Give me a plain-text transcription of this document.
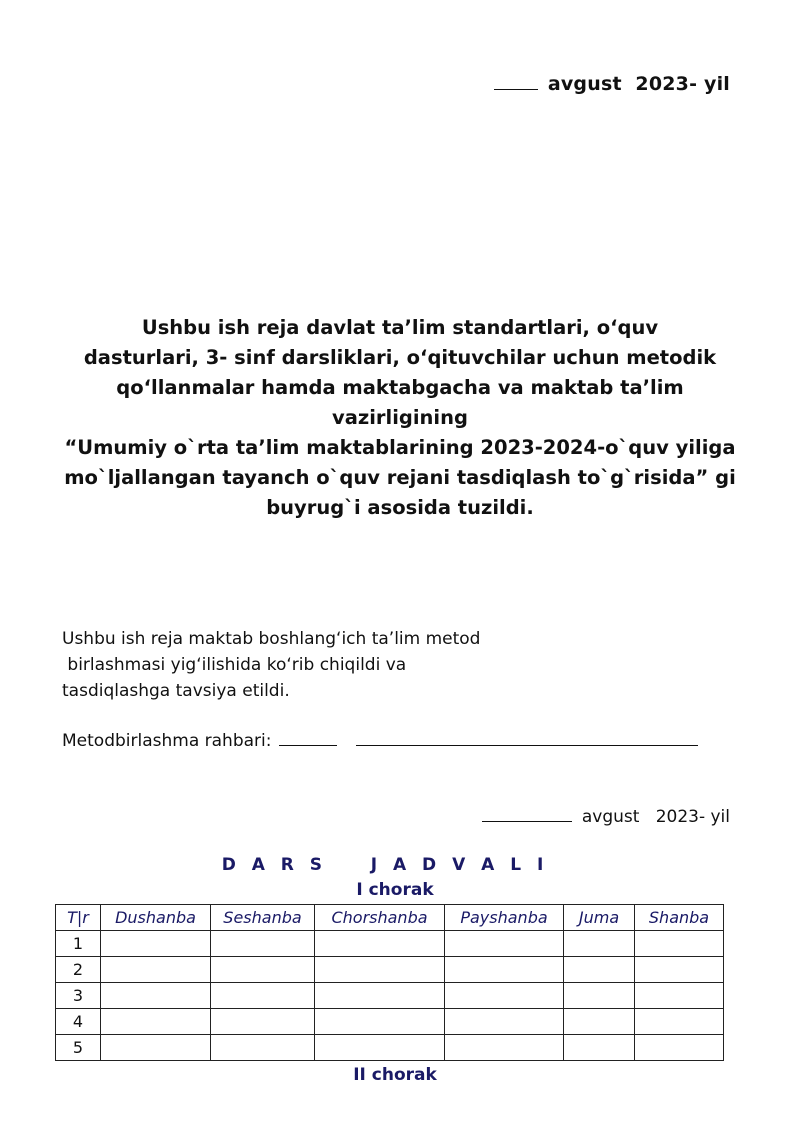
avgust 2023- yil
Ushbu ish reja davlat ta’lim standartlari, o‘quv
dasturlari, 3- sinf darsliklari, o‘qituvchilar uchun metodik
qo‘llanmalar hamda maktabgacha va maktab ta’lim
vazirligining
“Umumiy o`rta ta’lim maktablarining 2023-2024-o`quv yiliga
mo`ljallangan tayanch o`quv rejani tasdiqlash to`g`risida” gi
buyrug`i asosida tuzildi.
Ushbu ish reja maktab boshlang‘ich ta’lim metod
birlashmasi yig‘ilishida ko‘rib chiqildi va
tasdiqlashga tavsiya etildi.
Metodbirlashma rahbari:
avgust 2023- yil
D A R S    J A D V A L I
I chorak
T|r	Dushanba	Seshanba	Chorshanba	Payshanba	Juma	Shanba
1						
2						
3						
4						
5						
II chorak
